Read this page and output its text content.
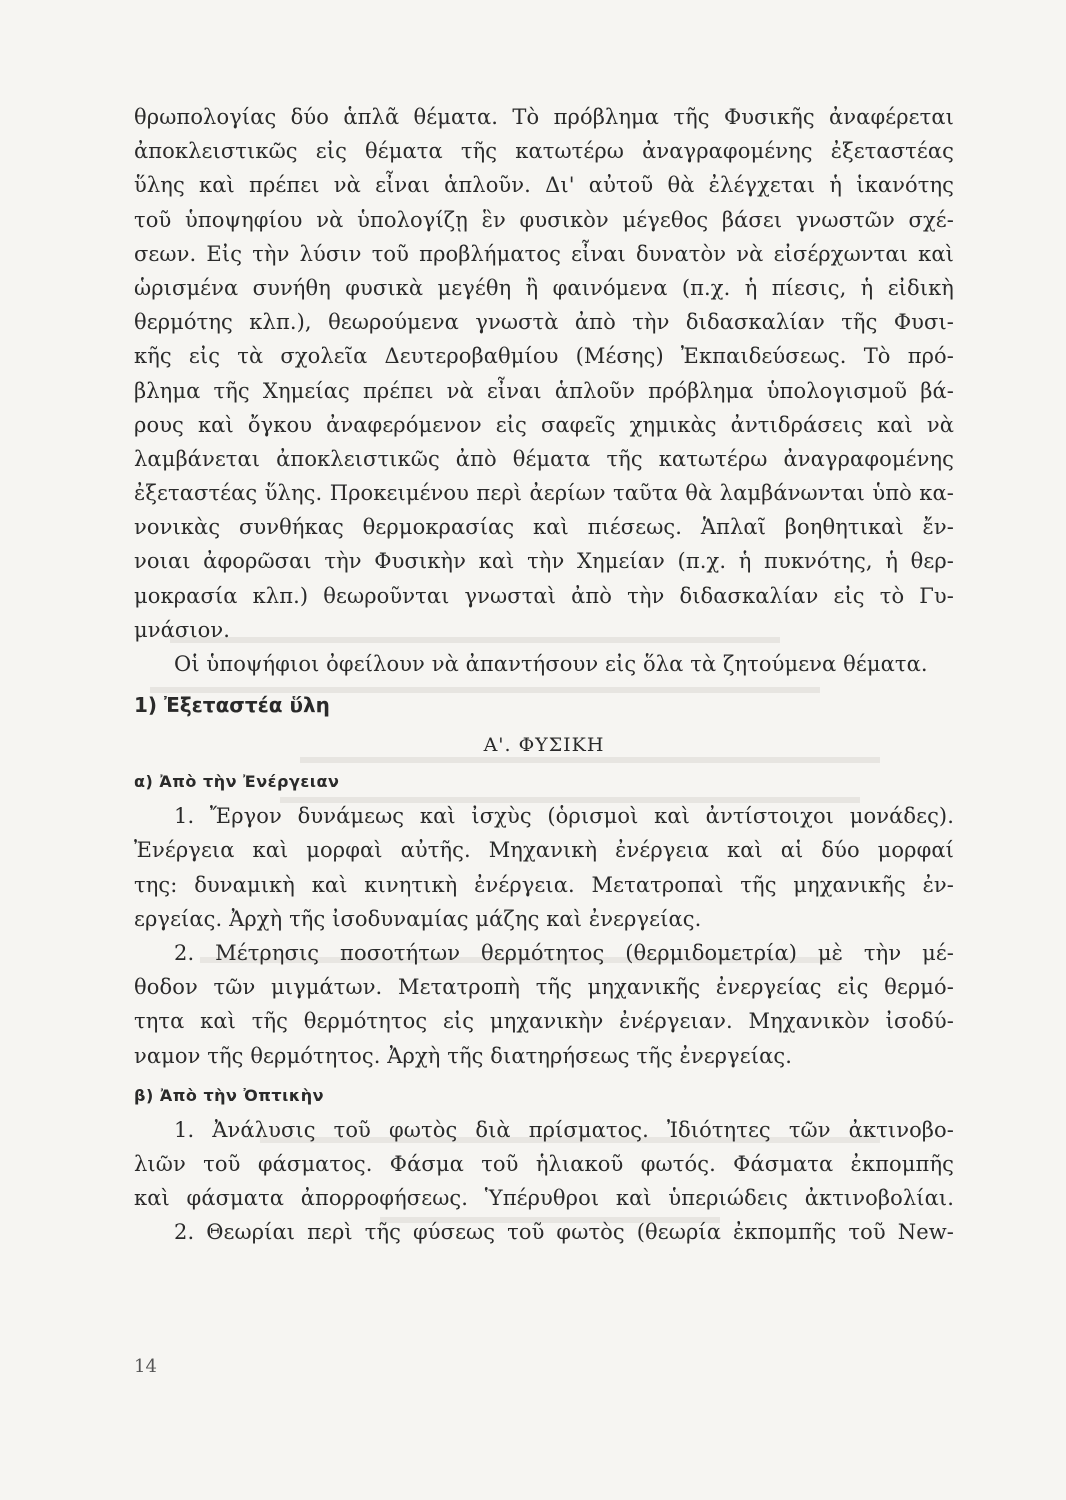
θρωπολογίας δύο ἁπλᾶ θέματα. Τὸ πρόβλημα τῆς Φυσικῆς ἀναφέρεται
ἀποκλειστικῶς εἰς θέματα τῆς κατωτέρω ἀναγραφομένης ἐξεταστέας
ὕλης καὶ πρέπει νὰ εἶναι ἁπλοῦν. Δι' αὐτοῦ θὰ ἐλέγχεται ἡ ἱκανότης
τοῦ ὑποψηφίου νὰ ὑπολογίζῃ ἓν φυσικὸν μέγεθος βάσει γνωστῶν σχέ-
σεων. Εἰς τὴν λύσιν τοῦ προβλήματος εἶναι δυνατὸν νὰ εἰσέρχωνται καὶ
ὡρισμένα συνήθη φυσικὰ μεγέθη ἢ φαινόμενα (π.χ. ἡ πίεσις, ἡ εἰδικὴ
θερμότης κλπ.), θεωρούμενα γνωστὰ ἀπὸ τὴν διδασκαλίαν τῆς Φυσι-
κῆς εἰς τὰ σχολεῖα Δευτεροβαθμίου (Μέσης) Ἐκπαιδεύσεως. Τὸ πρό-
βλημα τῆς Χημείας πρέπει νὰ εἶναι ἁπλοῦν πρόβλημα ὑπολογισμοῦ βά-
ρους καὶ ὄγκου ἀναφερόμενον εἰς σαφεῖς χημικὰς ἀντιδράσεις καὶ νὰ
λαμβάνεται ἀποκλειστικῶς ἀπὸ θέματα τῆς κατωτέρω ἀναγραφομένης
ἐξεταστέας ὕλης. Προκειμένου περὶ ἀερίων ταῦτα θὰ λαμβάνωνται ὑπὸ κα-
νονικὰς συνθήκας θερμοκρασίας καὶ πιέσεως. Ἁπλαῖ βοηθητικαὶ ἔν-
νοιαι ἀφορῶσαι τὴν Φυσικὴν καὶ τὴν Χημείαν (π.χ. ἡ πυκνότης, ἡ θερ-
μοκρασία κλπ.) θεωροῦνται γνωσταὶ ἀπὸ τὴν διδασκαλίαν εἰς τὸ Γυ-
μνάσιον.
Οἱ ὑποψήφιοι ὀφείλουν νὰ ἀπαντήσουν εἰς ὅλα τὰ ζητούμενα θέματα.
1) Ἐξεταστέα ὕλη
Α'. ΦΥΣΙΚΗ
α) Ἀπὸ τὴν Ἐνέργειαν
1. Ἔργον δυνάμεως καὶ ἰσχὺς (ὁρισμοὶ καὶ ἀντίστοιχοι μονάδες).
Ἐνέργεια καὶ μορφαὶ αὐτῆς. Μηχανικὴ ἐνέργεια καὶ αἱ δύο μορφαί
της: δυναμικὴ καὶ κινητικὴ ἐνέργεια. Μετατροπαὶ τῆς μηχανικῆς ἐν-
εργείας. Ἀρχὴ τῆς ἰσοδυναμίας μάζης καὶ ἐνεργείας.
2. Μέτρησις ποσοτήτων θερμότητος (θερμιδομετρία) μὲ τὴν μέ-
θοδον τῶν μιγμάτων. Μετατροπὴ τῆς μηχανικῆς ἐνεργείας εἰς θερμό-
τητα καὶ τῆς θερμότητος εἰς μηχανικὴν ἐνέργειαν. Μηχανικὸν ἰσοδύ-
ναμον τῆς θερμότητος. Ἀρχὴ τῆς διατηρήσεως τῆς ἐνεργείας.
β) Ἀπὸ τὴν Ὀπτικὴν
1. Ἀνάλυσις τοῦ φωτὸς διὰ πρίσματος. Ἰδιότητες τῶν ἀκτινοβο-
λιῶν τοῦ φάσματος. Φάσμα τοῦ ἡλιακοῦ φωτός. Φάσματα ἐκπομπῆς
καὶ φάσματα ἀπορροφήσεως. Ὑπέρυθροι καὶ ὑπεριώδεις ἀκτινοβολίαι.
2. Θεωρίαι περὶ τῆς φύσεως τοῦ φωτὸς (θεωρία ἐκπομπῆς τοῦ New-
14
